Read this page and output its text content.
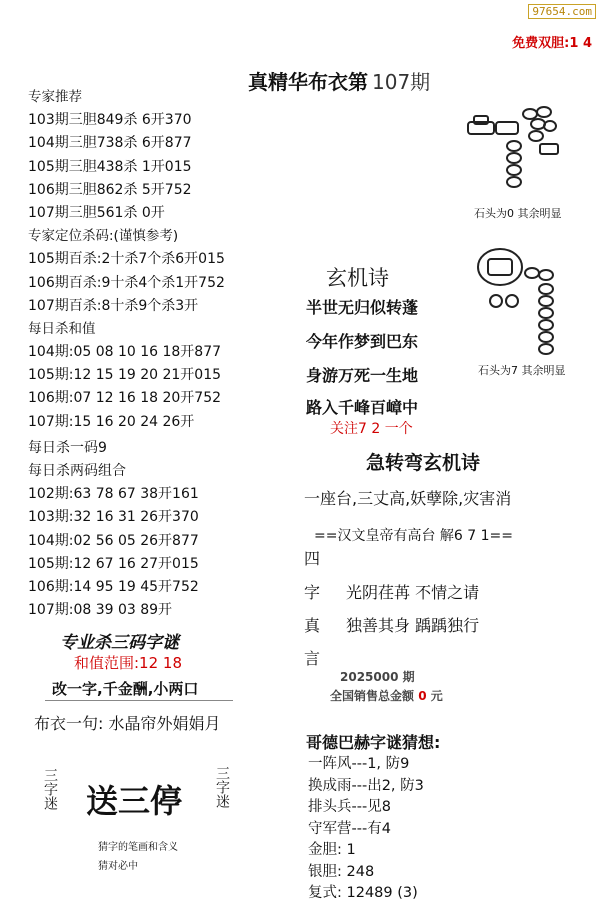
97654.com
免费双胆:1 4
真精华布衣第 107期
专家推荐
103期三胆849杀 6开370
104期三胆738杀 6开877
105期三胆438杀 1开015
106期三胆862杀 5开752
107期三胆561杀 0开
专家定位杀码:(谨慎参考)
105期百杀:2十杀7个杀6开015
106期百杀:9十杀4个杀1开752
107期百杀:8十杀9个杀3开
每日杀和值
104期:05 08 10 16 18开877
105期:12 15 19 20 21开015
106期:07 12 16 18 20开752
107期:15 16 20 24 26开
每日杀一码9
每日杀两码组合
102期:63 78 67 38开161
103期:32 16 31 26开370
104期:02 56 05 26开877
105期:12 67 16 27开015
106期:14 95 19 45开752
107期:08 39 03 89开
专业杀三码字谜
和值范围:12 18
改一字,千金酬,小两口
布衣一句: 水晶帘外娟娟月
三字迷 送三停 三字迷
猜字的笔画和含义
猜对必中
石头为0 其余明显
石头为7 其余明显
玄机诗
半世无归似转蓬
今年作梦到巴东
身游万死一生地
路入千峰百嶂中
关注7 2 一个
急转弯玄机诗
一座台,三丈高,妖孽除,灾害消
==汉文皇帝有高台 解6 7 1==
四
字 光阴荏苒 不情之请
真 独善其身 踽踽独行
言
2025000 期
全国销售总金额 0 元
哥德巴赫字谜猜想:
一阵风---1, 防9
换成雨---出2, 防3
排头兵---见8
守军营---有4
金胆: 1
银胆: 248
复式: 12489 (3)
